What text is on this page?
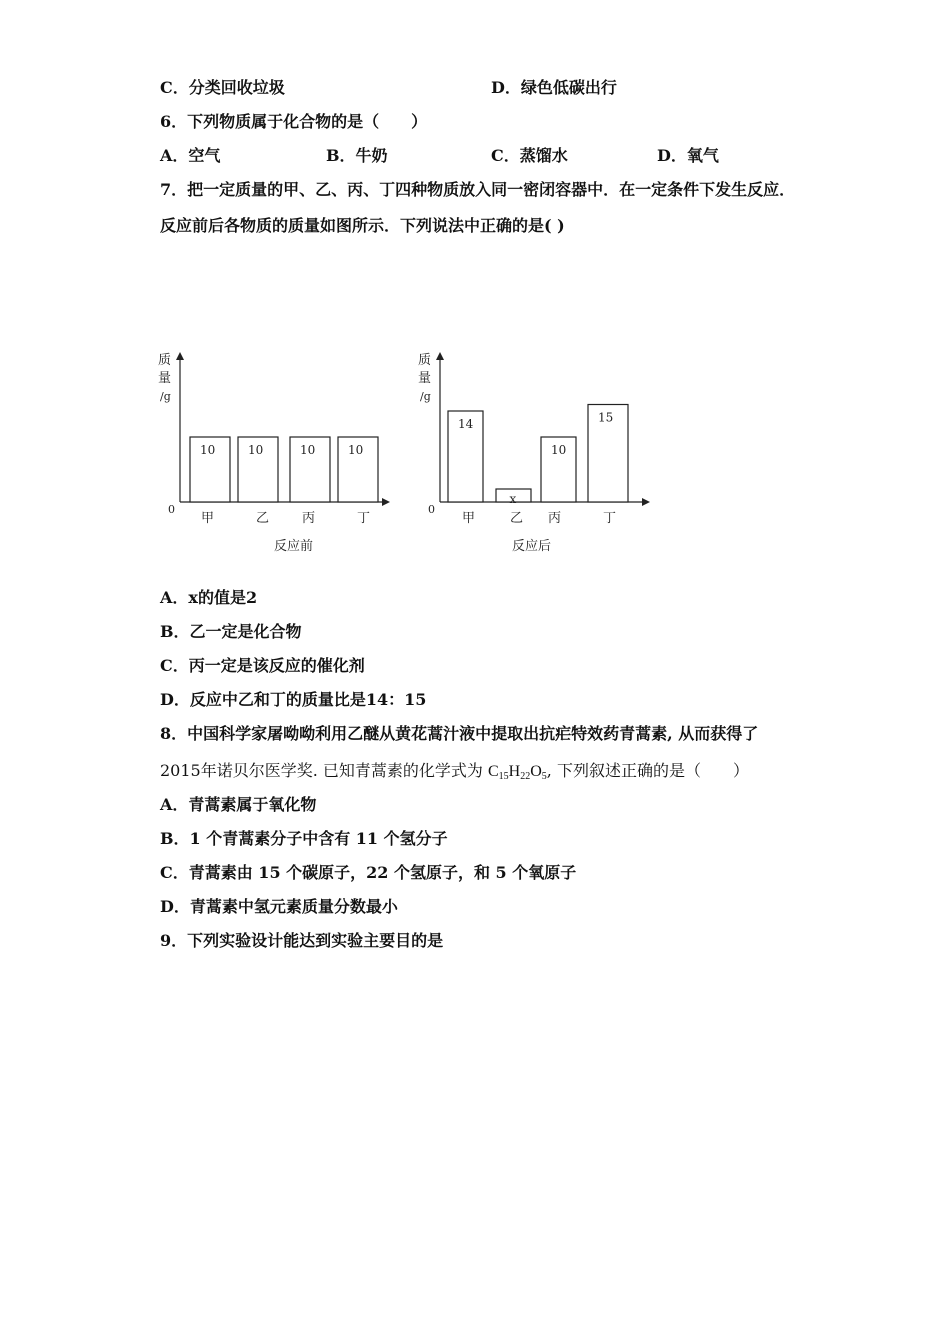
C．分类回收垃圾	D．绿色低碳出行
6．下列物质属于化合物的是（　　）
A．空气	B．牛奶	C．蒸馏水	D．氧气
7．把一定质量的甲、乙、丙、丁四种物质放入同一密闭容器中．在一定条件下发生反应．
反应前后各物质的质量如图所示．下列说法中正确的是( )
质
量
/g
0
10
甲
10
乙
10
丙
10
丁
反应前
质
量
/g
0
14
甲
x
乙
10
丙
15
丁
反应后
A．x的值是2
B．乙一定是化合物
C．丙一定是该反应的催化剂
D．反应中乙和丁的质量比是14：15
8．中国科学家屠呦呦利用乙醚从黄花蒿汁液中提取出抗疟特效药青蒿素, 从而获得了
2015年诺贝尔医学奖. 已知青蒿素的化学式为 $C_{15}H_{22}O_5$, 下列叙述正确的是（　　）
A．青蒿素属于氧化物
B．1 个青蒿素分子中含有 11 个氢分子
C．青蒿素由 15 个碳原子，22 个氢原子，和 5 个氧原子
D．青蒿素中氢元素质量分数最小
9．下列实验设计能达到实验主要目的是
